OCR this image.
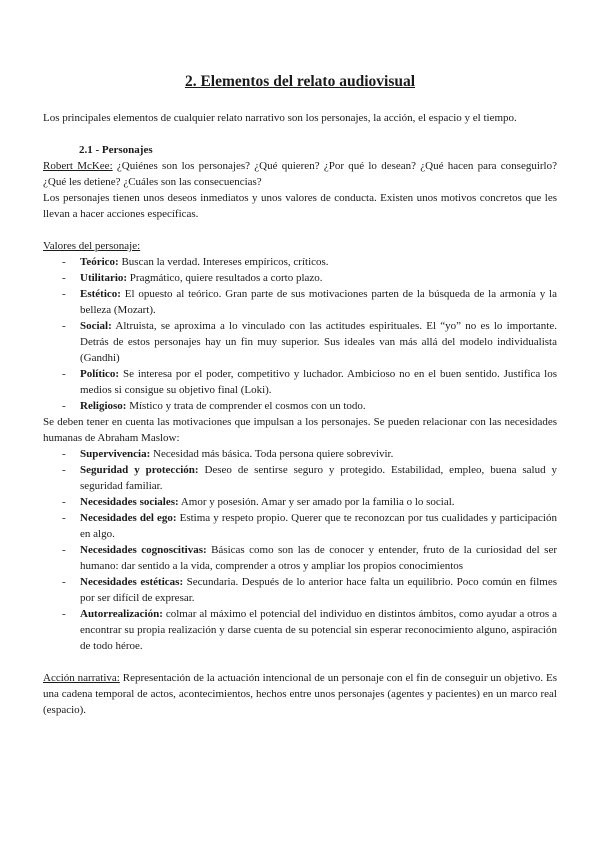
2. Elementos del relato audiovisual

Los principales elementos de cualquier relato narrativo son los personajes, la acción, el espacio y el tiempo.

2.1 - Personajes

Robert McKee: ¿Quiénes son los personajes? ¿Qué quieren? ¿Por qué lo desean? ¿Qué hacen para conseguirlo? ¿Qué les detiene? ¿Cuáles son las consecuencias?

Los personajes tienen unos deseos inmediatos y unos valores de conducta. Existen unos motivos concretos que les llevan a hacer acciones específicas.

Valores del personaje:

- Teórico: Buscan la verdad. Intereses empíricos, críticos.
- Utilitario: Pragmático, quiere resultados a corto plazo.
- Estético: El opuesto al teórico. Gran parte de sus motivaciones parten de la búsqueda de la armonía y la belleza (Mozart).
- Social: Altruista, se aproxima a lo vinculado con las actitudes espirituales. El “yo” no es lo importante. Detrás de estos personajes hay un fin muy superior. Sus ideales van más allá del modelo individualista (Gandhi)
- Político: Se interesa por el poder, competitivo y luchador. Ambicioso no en el buen sentido. Justifica los medios si consigue su objetivo final (Loki).
- Religioso: Místico y trata de comprender el cosmos con un todo.

Se deben tener en cuenta las motivaciones que impulsan a los personajes. Se pueden relacionar con las necesidades humanas de Abraham Maslow:

- Supervivencia: Necesidad más básica. Toda persona quiere sobrevivir.
- Seguridad y protección: Deseo de sentirse seguro y protegido. Estabilidad, empleo, buena salud y seguridad familiar.
- Necesidades sociales: Amor y posesión. Amar y ser amado por la familia o lo social.
- Necesidades del ego: Estima y respeto propio. Querer que te reconozcan por tus cualidades y participación en algo.
- Necesidades cognoscitivas: Básicas como son las de conocer y entender, fruto de la curiosidad del ser humano: dar sentido a la vida, comprender a otros y ampliar los propios conocimientos
- Necesidades estéticas: Secundaria. Después de lo anterior hace falta un equilibrio. Poco común en filmes por ser difícil de expresar.
- Autorrealización: colmar al máximo el potencial del individuo en distintos ámbitos, como ayudar a otros a encontrar su propia realización y darse cuenta de su potencial sin esperar reconocimiento alguno, aspiración de todo héroe.

Acción narrativa: Representación de la actuación intencional de un personaje con el fin de conseguir un objetivo. Es una cadena temporal de actos, acontecimientos, hechos entre unos personajes (agentes y pacientes) en un marco real (espacio).
